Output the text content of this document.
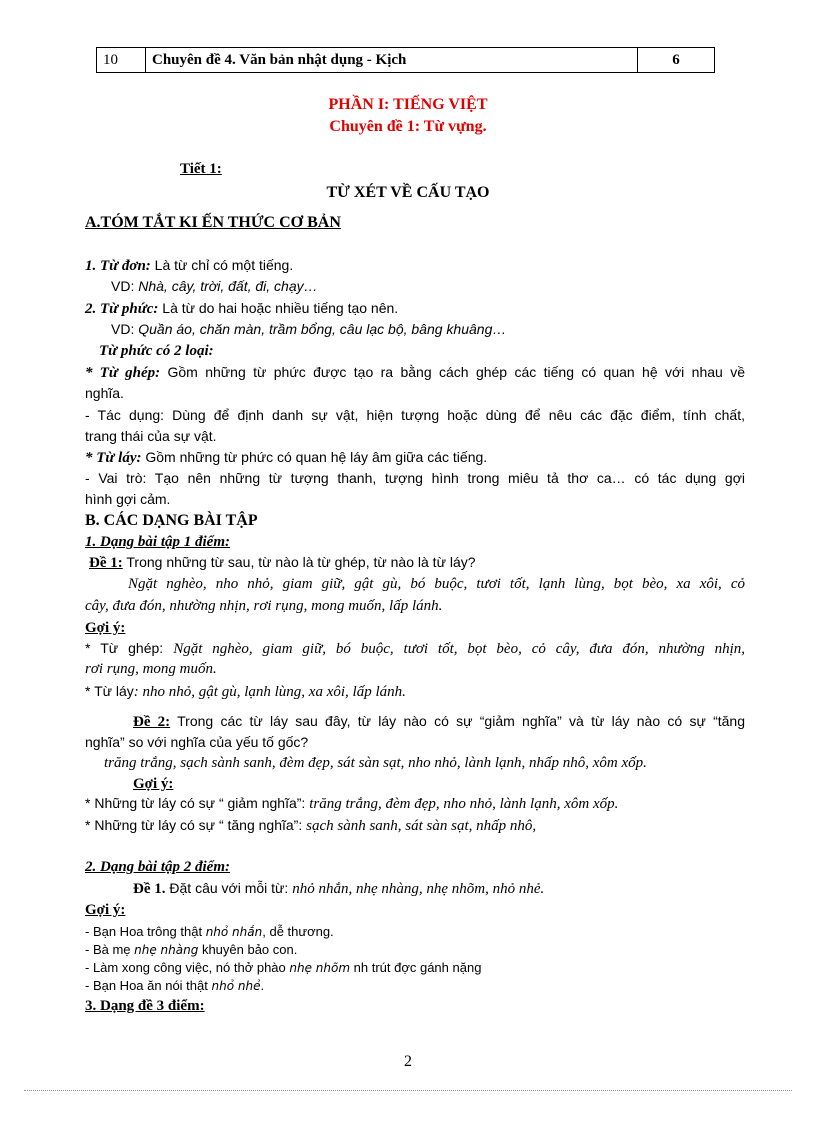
10	Chuyên đề 4. Văn bản nhật dụng - Kịch	6
PHẦN I: TIẾNG VIỆT
Chuyên đề 1: Từ vựng.
Tiết 1:
TỪ XÉT VỀ CẤU TẠO
A.TÓM TẮT KI ẾN THỨC CƠ BẢN
1. Từ đơn: Là từ chỉ có một tiếng.
VD: Nhà, cây, trời, đất, đi, chạy…
2. Từ phức: Là từ do hai hoặc nhiều tiếng tạo nên.
VD: Quần áo, chăn màn, trầm bổng, câu lạc bộ, bâng khuâng…
Từ phức có 2 loại:
* Từ ghép: Gồm những từ phức được tạo ra bằng cách ghép các tiếng có quan hệ với nhau về
nghĩa.
- Tác dụng: Dùng để định danh sự vật, hiện tượng hoặc dùng để nêu các đặc điểm, tính chất,
trang thái của sự vật.
* Từ láy: Gồm những từ phức có quan hệ láy âm giữa các tiếng.
- Vai trò: Tạo nên những từ tượng thanh, tượng hình trong miêu tả thơ ca… có tác dụng gợi
hình gợi cảm.
B. CÁC DẠNG BÀI TẬP
1. Dạng bài tập 1 điểm:
Đề 1: Trong những từ sau, từ nào là từ ghép, từ nào là từ láy?
Ngặt nghèo, nho nhỏ, giam giữ, gật gù, bó buộc, tươi tốt, lạnh lùng, bọt bèo, xa xôi, cỏ
cây, đưa đón, nhường nhịn, rơi rụng, mong muốn, lấp lánh.
Gợi ý:
* Từ ghép: Ngặt nghèo, giam giữ, bó buộc, tươi tốt, bọt bèo, cỏ cây, đưa đón, nhường nhịn,
rơi rụng, mong muốn.
* Từ láy: nho nhỏ, gật gù, lạnh lùng, xa xôi, lấp lánh.
Đề 2: Trong các từ láy sau đây, từ láy nào có sự “giảm nghĩa” và từ láy nào có sự “tăng
nghĩa” so với nghĩa của yếu tố gốc?
trăng trắng, sạch sành sanh, đèm đẹp, sát sàn sạt, nho nhỏ, lành lạnh, nhấp nhô, xôm xốp.
Gợi ý:
* Những từ láy có sự “ giảm nghĩa”: trăng trắng, đèm đẹp, nho nhỏ, lành lạnh, xôm xốp.
* Những từ láy có sự “ tăng nghĩa”: sạch sành sanh, sát sàn sạt, nhấp nhô,
2. Dạng bài tập 2 điểm:
Đề 1. Đặt câu với mỗi từ: nhỏ nhắn, nhẹ nhàng, nhẹ nhõm, nhỏ nhẻ.
Gợi ý:
- Bạn Hoa trông thật nhỏ nhắn, dễ thương.
- Bà mẹ nhẹ nhàng khuyên bảo con.
- Làm xong công việc, nó thở phào nhẹ nhõm nh trút đợc gánh nặng
- Bạn Hoa ăn nói thật nhỏ nhẻ.
3. Dạng đề 3 điểm:
2
